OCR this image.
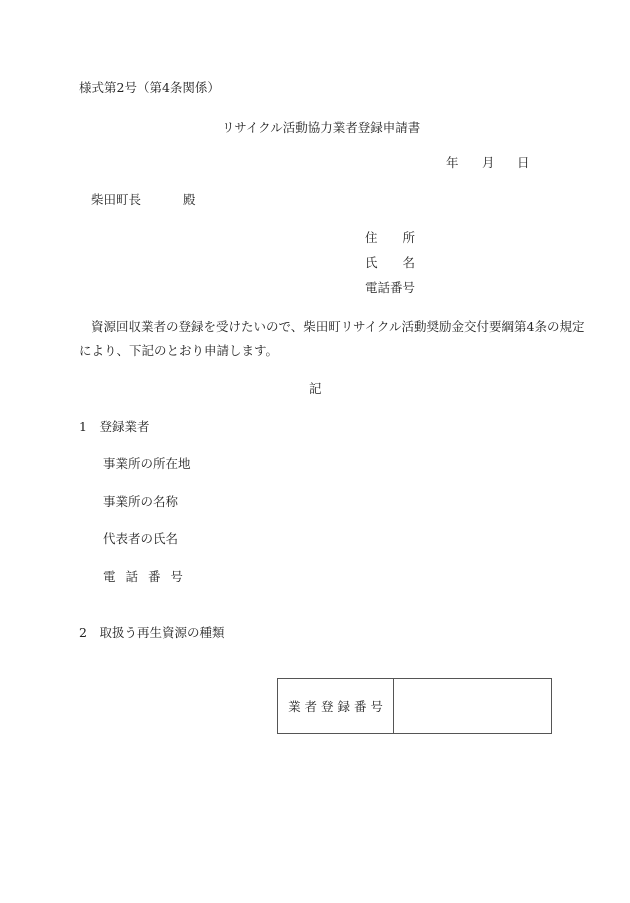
様式第2号（第4条関係）
リサイクル活動協力業者登録申請書
年 月 日
柴田町長	殿
住　　所
氏　　名
電話番号
資源回収業者の登録を受けたいので、柴田町リサイクル活動奨励金交付要綱第4条の規定
により、下記のとおり申請します。
記
1　登録業者
事業所の所在地
事業所の名称
代表者の氏名
電 話 番 号
2　取扱う再生資源の種類
業 者 登 録 番 号
